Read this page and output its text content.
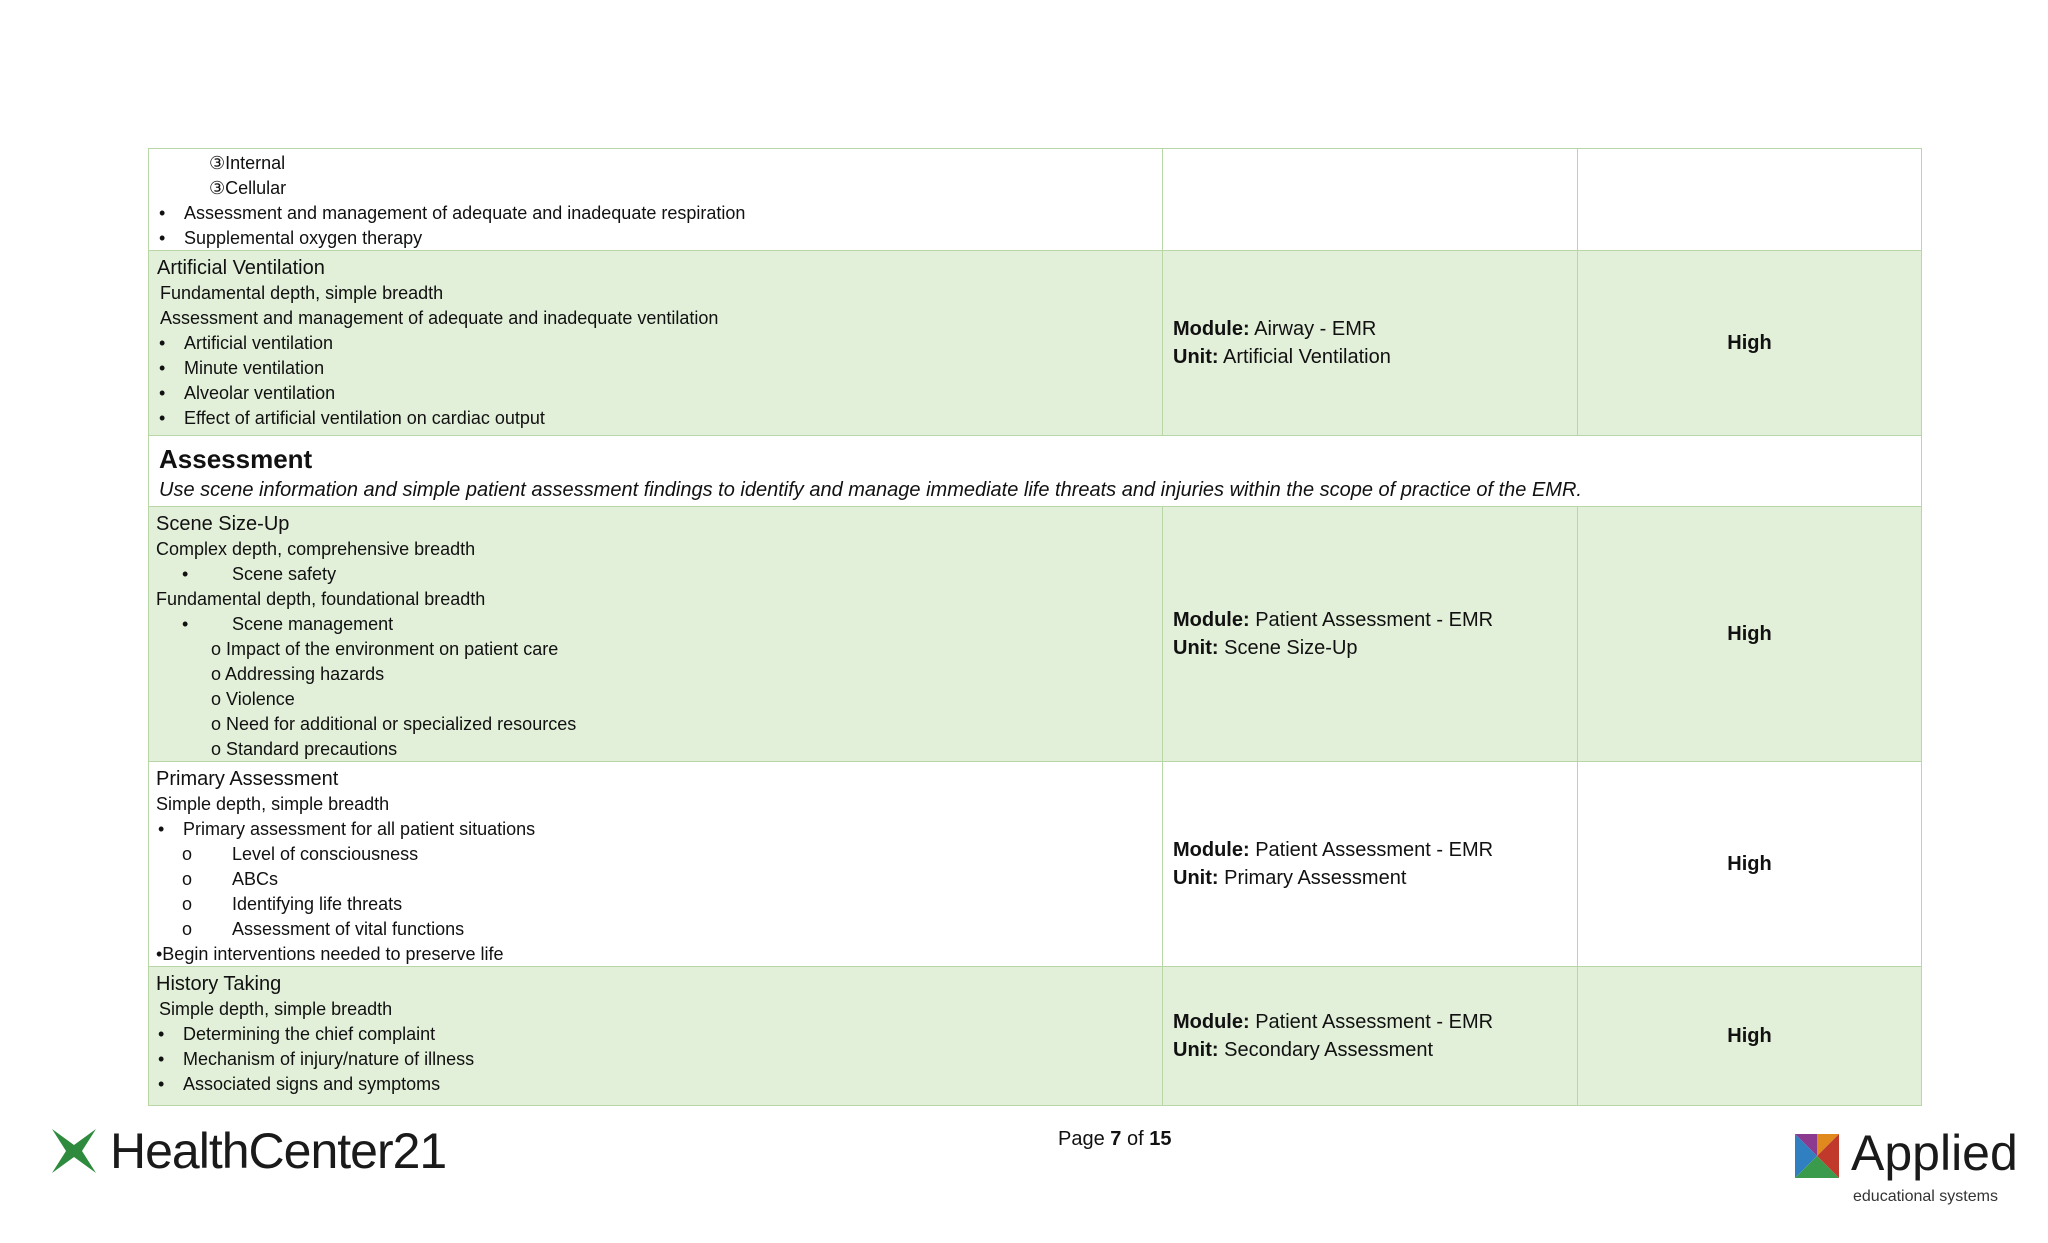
③Internal
③Cellular
• Assessment and management of adequate and inadequate respiration
• Supplemental oxygen therapy
Artificial Ventilation
Fundamental depth, simple breadth
Assessment and management of adequate and inadequate ventilation
• Artificial ventilation
• Minute ventilation
• Alveolar ventilation
• Effect of artificial ventilation on cardiac output
Module: Airway - EMR
Unit: Artificial Ventilation
High
Assessment
Use scene information and simple patient assessment findings to identify and manage immediate life threats and injuries within the scope of practice of the EMR.
Scene Size-Up
Complex depth, comprehensive breadth
• Scene safety
Fundamental depth, foundational breadth
• Scene management
o Impact of the environment on patient care
o Addressing hazards
o Violence
o Need for additional or specialized resources
o Standard precautions
Module: Patient Assessment - EMR
Unit: Scene Size-Up
High
Primary Assessment
Simple depth, simple breadth
• Primary assessment for all patient situations
o Level of consciousness
o ABCs
o Identifying life threats
o Assessment of vital functions
•Begin interventions needed to preserve life
Module: Patient Assessment - EMR
Unit: Primary Assessment
High
History Taking
Simple depth, simple breadth
• Determining the chief complaint
• Mechanism of injury/nature of illness
• Associated signs and symptoms
Module: Patient Assessment - EMR
Unit: Secondary Assessment
High
HealthCenter21	Page 7 of 15	Applied
educational systems
